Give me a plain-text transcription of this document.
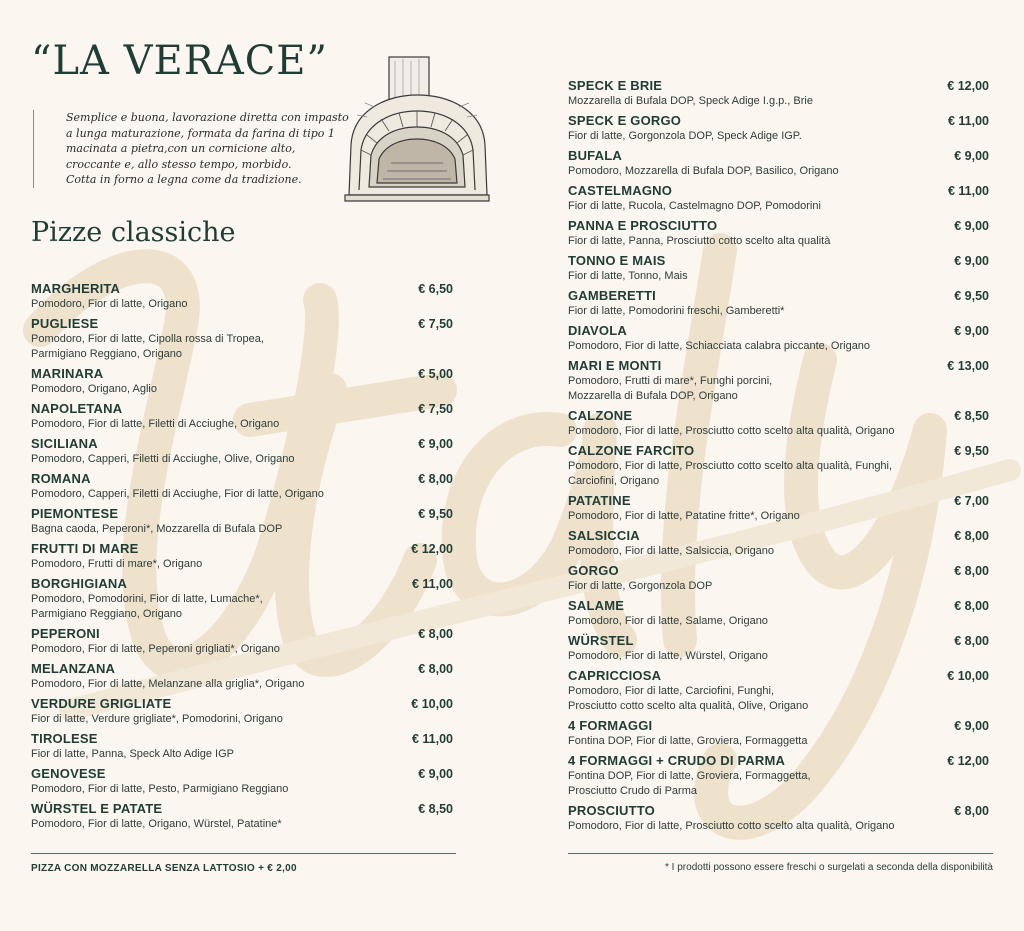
“LA VERACE”
Semplice e buona, lavorazione diretta con impasto
a lunga maturazione, formata da farina di tipo 1
macinata a pietra,con un cornicione alto,
croccante e, allo stesso tempo, morbido.
Cotta in forno a legna come da tradizione.
Pizze classiche
MARGHERITA	€ 6,50
Pomodoro, Fior di latte, Origano
PUGLIESE	€ 7,50
Pomodoro, Fior di latte, Cipolla rossa di Tropea,
Parmigiano Reggiano, Origano
MARINARA	€ 5,00
Pomodoro, Origano, Aglio
NAPOLETANA	€ 7,50
Pomodoro, Fior di latte, Filetti di Acciughe, Origano
SICILIANA	€ 9,00
Pomodoro, Capperi, Filetti di Acciughe, Olive, Origano
ROMANA	€ 8,00
Pomodoro, Capperi, Filetti di Acciughe, Fior di latte, Origano
PIEMONTESE	€ 9,50
Bagna caoda, Peperoni*, Mozzarella di Bufala DOP
FRUTTI DI MARE	€ 12,00
Pomodoro, Frutti di mare*, Origano
BORGHIGIANA	€ 11,00
Pomodoro, Pomodorini, Fior di latte, Lumache*,
Parmigiano Reggiano, Origano
PEPERONI	€ 8,00
Pomodoro, Fior di latte, Peperoni grigliati*, Origano
MELANZANA	€ 8,00
Pomodoro, Fior di latte, Melanzane alla griglia*, Origano
VERDURE GRIGLIATE	€ 10,00
Fior di latte, Verdure grigliate*, Pomodorini, Origano
TIROLESE	€ 11,00
Fior di latte, Panna, Speck Alto Adige IGP
GENOVESE	€ 9,00
Pomodoro, Fior di latte, Pesto, Parmigiano Reggiano
WÜRSTEL E PATATE	€ 8,50
Pomodoro, Fior di latte, Origano, Würstel, Patatine*
SPECK E BRIE	€ 12,00
Mozzarella di Bufala DOP, Speck Adige I.g.p., Brie
SPECK E GORGO	€ 11,00
Fior di latte, Gorgonzola DOP, Speck Adige IGP.
BUFALA	€ 9,00
Pomodoro, Mozzarella di Bufala DOP, Basilico, Origano
CASTELMAGNO	€ 11,00
Fior di latte, Rucola, Castelmagno DOP, Pomodorini
PANNA E PROSCIUTTO	€ 9,00
Fior di latte, Panna, Prosciutto cotto scelto alta qualità
TONNO E MAIS	€ 9,00
Fior di latte, Tonno, Mais
GAMBERETTI	€ 9,50
Fior di latte, Pomodorini freschi, Gamberetti*
DIAVOLA	€ 9,00
Pomodoro, Fior di latte, Schiacciata calabra piccante, Origano
MARI E MONTI	€ 13,00
Pomodoro, Frutti di mare*, Funghi porcini,
Mozzarella di Bufala DOP, Origano
CALZONE	€ 8,50
Pomodoro, Fior di latte, Prosciutto cotto scelto alta qualità, Origano
CALZONE FARCITO	€ 9,50
Pomodoro, Fior di latte, Prosciutto cotto scelto alta qualità, Funghi,
Carciofini, Origano
PATATINE	€ 7,00
Pomodoro, Fior di latte, Patatine fritte*, Origano
SALSICCIA	€ 8,00
Pomodoro, Fior di latte, Salsiccia, Origano
GORGO	€ 8,00
Fior di latte, Gorgonzola DOP
SALAME	€ 8,00
Pomodoro, Fior di latte, Salame, Origano
WÜRSTEL	€ 8,00
Pomodoro, Fior di latte, Würstel, Origano
CAPRICCIOSA	€ 10,00
Pomodoro, Fior di latte, Carciofini, Funghi,
Prosciutto cotto scelto alta qualità, Olive, Origano
4 FORMAGGI	€ 9,00
Fontina DOP, Fior di latte, Groviera, Formaggetta
4 FORMAGGI + CRUDO DI PARMA	€ 12,00
Fontina DOP, Fior di latte, Groviera, Formaggetta,
Prosciutto Crudo di Parma
PROSCIUTTO	€ 8,00
Pomodoro, Fior di latte, Prosciutto cotto scelto alta qualità, Origano
PIZZA CON MOZZARELLA SENZA LATTOSIO + € 2,00	* I prodotti possono essere freschi o surgelati a seconda della disponibilità
